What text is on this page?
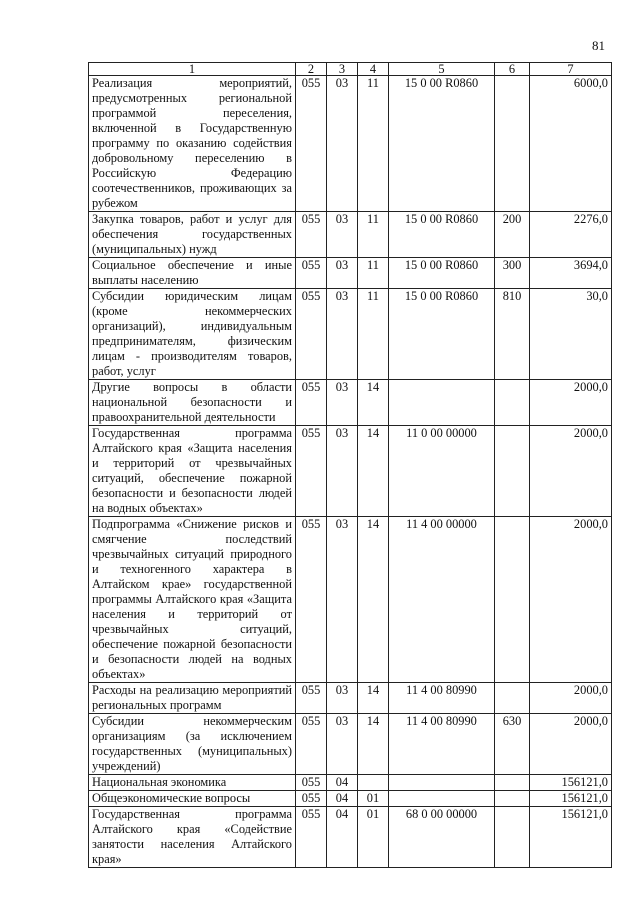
81
1	2	3	4	5	6	7
Реализация мероприятий, предусмотренных региональной программой переселения, включенной в Государственную программу по оказанию содействия добровольному переселению в Российскую Федерацию соотечественников, проживающих за рубежом	055	03	11	15 0 00 R0860		6000,0
Закупка товаров, работ и услуг для обеспечения государственных (муниципальных) нужд	055	03	11	15 0 00 R0860	200	2276,0
Социальное обеспечение и иные выплаты населению	055	03	11	15 0 00 R0860	300	3694,0
Субсидии юридическим лицам (кроме некоммерческих организаций), индивидуальным предпринимателям, физическим лицам - производителям товаров, работ, услуг	055	03	11	15 0 00 R0860	810	30,0
Другие вопросы в области национальной безопасности и правоохранительной деятельности	055	03	14			2000,0
Государственная программа Алтайского края «Защита населения и территорий от чрезвычайных ситуаций, обеспечение пожарной безопасности и безопасности людей на водных объектах»	055	03	14	11 0 00 00000		2000,0
Подпрограмма «Снижение рисков и смягчение последствий чрезвычайных ситуаций природного и техногенного характера в Алтайском крае» государственной программы Алтайского края «Защита населения и территорий от чрезвычайных ситуаций, обеспечение пожарной безопасности и безопасности людей на водных объектах»	055	03	14	11 4 00 00000		2000,0
Расходы на реализацию мероприятий региональных программ	055	03	14	11 4 00 80990		2000,0
Субсидии некоммерческим организациям (за исключением государственных (муниципальных) учреждений)	055	03	14	11 4 00 80990	630	2000,0
Национальная экономика	055	04				156121,0
Общеэкономические вопросы	055	04	01			156121,0
Государственная программа Алтайского края «Содействие занятости населения Алтайского края»	055	04	01	68 0 00 00000		156121,0
